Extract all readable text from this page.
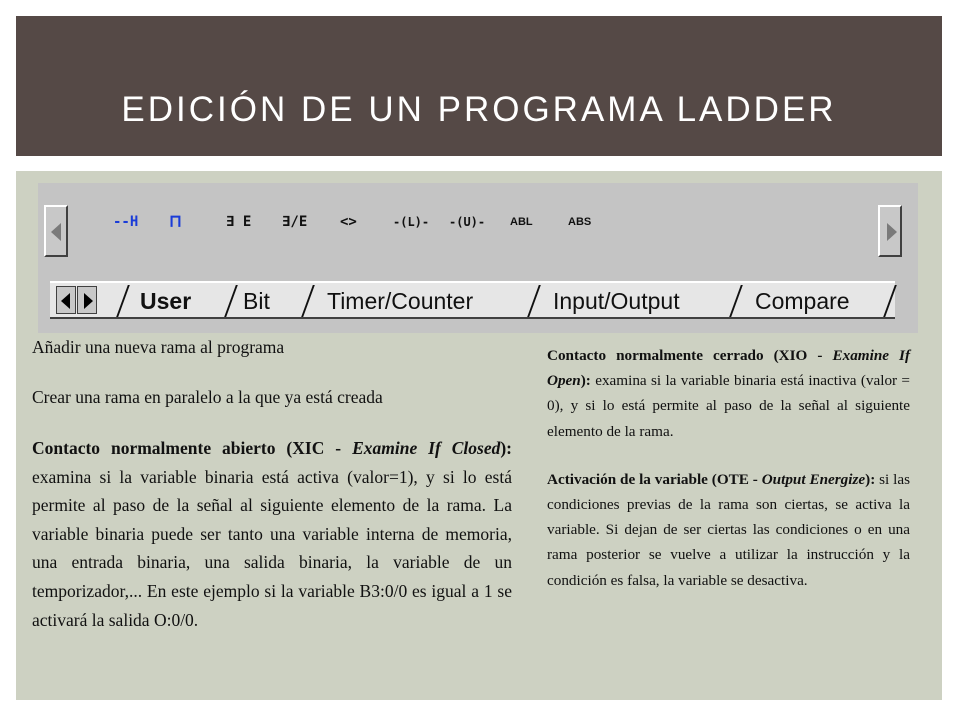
EDICIÓN DE UN PROGRAMA LADDER
--H ⊓	∃ E ∃/E <>	-(L)- -(U)- ABL	ABS
User Bit Timer/Counter	Input/Output	Compare

Añadir una nueva rama al programa

Crear una rama en paralelo a la que ya está creada

Contacto normalmente abierto (XIC - Examine If Closed): examina si la variable binaria está activa (valor=1), y si lo está permite al paso de la señal al siguiente elemento de la rama. La variable binaria puede ser tanto una variable interna de memoria, una entrada binaria, una salida binaria, la variable de un temporizador,... En este ejemplo si la variable B3:0/0 es igual a 1 se activará la salida O:0/0.

Contacto normalmente cerrado (XIO - Examine If Open): examina si la variable binaria está inactiva (valor = 0), y si lo está permite al paso de la señal al siguiente elemento de la rama.

Activación de la variable (OTE - Output Energize): si las condiciones previas de la rama son ciertas, se activa la variable. Si dejan de ser ciertas las condiciones o en una rama posterior se vuelve a utilizar la instrucción y la condición es falsa, la variable se desactiva.
